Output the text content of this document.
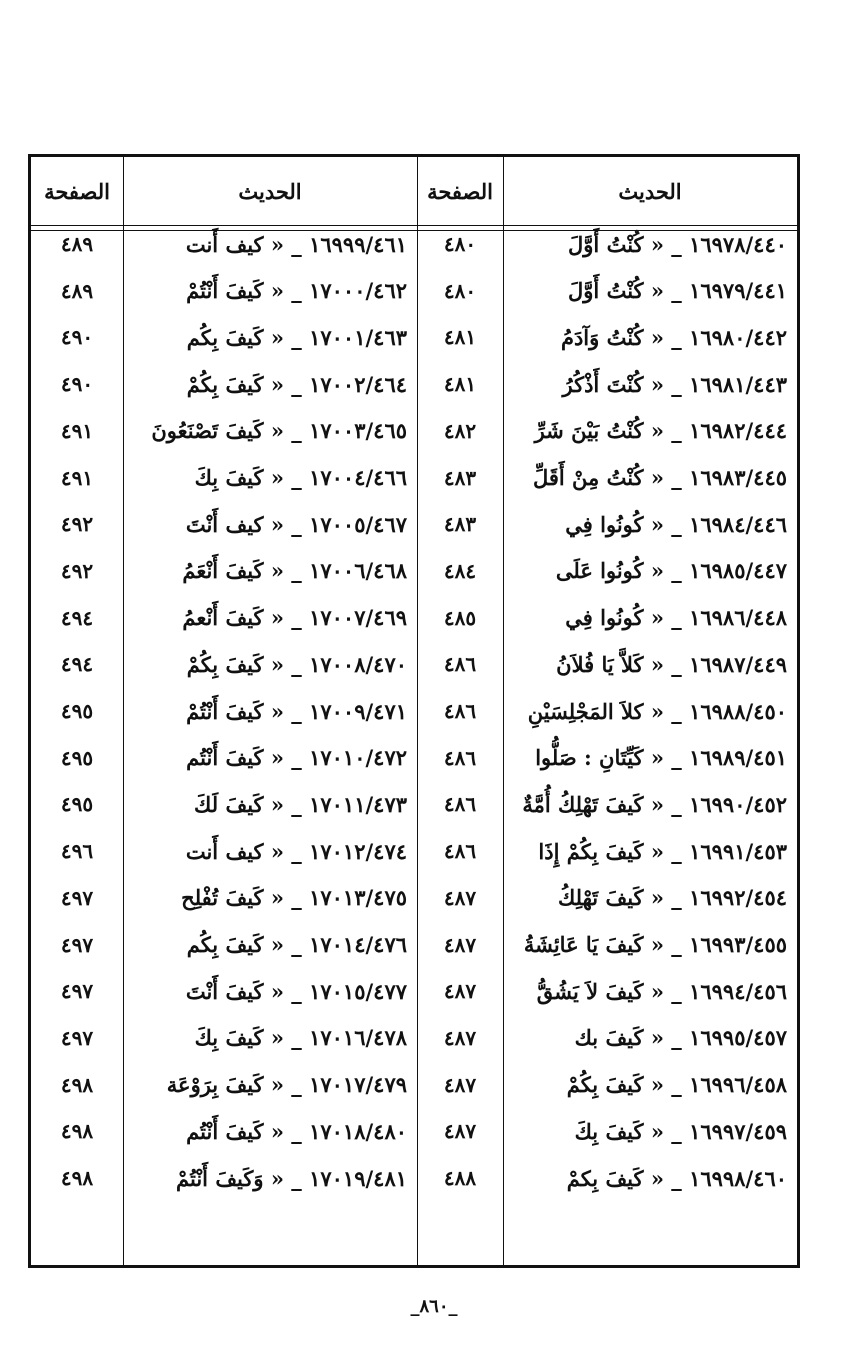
الحديث
الصفحة
الحديث
الصفحة
١٦٩٧٨/٤٤٠ _ « كُنْتُ أَوَّلَ
٤٨٠
١٦٩٩٩/٤٦١ _ « كيف أَنت
٤٨٩
١٦٩٧٩/٤٤١ _ « كُنْتُ أَوَّلَ
٤٨٠
١٧٠٠٠/٤٦٢ _ « كَيفَ أَنْتُمْ
٤٨٩
١٦٩٨٠/٤٤٢ _ « كُنْتُ وَآدَمُ
٤٨١
١٧٠٠١/٤٦٣ _ « كَيفَ بِكُم
٤٩٠
١٦٩٨١/٤٤٣ _ « كُنْتَ أَذْكُرُ
٤٨١
١٧٠٠٢/٤٦٤ _ « كَيفَ بِكُمْ
٤٩٠
١٦٩٨٢/٤٤٤ _ « كُنْتُ بَيْنَ شَرِّ
٤٨٢
١٧٠٠٣/٤٦٥ _ « كَيفَ تَصْنَعُونَ
٤٩١
١٦٩٨٣/٤٤٥ _ « كُنْتُ مِنْ أَقَلِّ
٤٨٣
١٧٠٠٤/٤٦٦ _ « كَيفَ بِكَ
٤٩١
١٦٩٨٤/٤٤٦ _ « كُونُوا فِي
٤٨٣
١٧٠٠٥/٤٦٧ _ « كيف أَنْتَ
٤٩٢
١٦٩٨٥/٤٤٧ _ « كُونُوا عَلَى
٤٨٤
١٧٠٠٦/٤٦٨ _ « كَيفَ أَنْعَمُ
٤٩٢
١٦٩٨٦/٤٤٨ _ « كُونُوا فِي
٤٨٥
١٧٠٠٧/٤٦٩ _ « كَيفَ أَنْعمُ
٤٩٤
١٦٩٨٧/٤٤٩ _ « كَلاَّ يَا فُلاَنُ
٤٨٦
١٧٠٠٨/٤٧٠ _ « كَيفَ بِكُمْ
٤٩٤
١٦٩٨٨/٤٥٠ _ « كلاَ المَجْلِسَيْنِ
٤٨٦
١٧٠٠٩/٤٧١ _ « كَيفَ أَنْتُمْ
٤٩٥
١٦٩٨٩/٤٥١ _ « كَيِّتَانِ : صَلُّوا
٤٨٦
١٧٠١٠/٤٧٢ _ « كَيفَ أَنْتُم
٤٩٥
١٦٩٩٠/٤٥٢ _ « كَيفَ تَهْلِكُ أُمَّةٌ
٤٨٦
١٧٠١١/٤٧٣ _ « كَيفَ لَكَ
٤٩٥
١٦٩٩١/٤٥٣ _ « كَيفَ بِكُمْ إِذَا
٤٨٦
١٧٠١٢/٤٧٤ _ « كيف أَنت
٤٩٦
١٦٩٩٢/٤٥٤ _ « كَيفَ تَهْلِكُ
٤٨٧
١٧٠١٣/٤٧٥ _ « كَيفَ تُفْلِح
٤٩٧
١٦٩٩٣/٤٥٥ _ « كَيفَ يَا عَائِشَةُ
٤٨٧
١٧٠١٤/٤٧٦ _ « كَيفَ بِكُم
٤٩٧
١٦٩٩٤/٤٥٦ _ « كَيفَ لاَ يَشُقُّ
٤٨٧
١٧٠١٥/٤٧٧ _ « كَيفَ أَنْتَ
٤٩٧
١٦٩٩٥/٤٥٧ _ « كَيفَ بك
٤٨٧
١٧٠١٦/٤٧٨ _ « كَيفَ بِكَ
٤٩٧
١٦٩٩٦/٤٥٨ _ « كَيفَ بِكُمْ
٤٨٧
١٧٠١٧/٤٧٩ _ « كَيفَ بِرَوْعَة
٤٩٨
١٦٩٩٧/٤٥٩ _ « كَيفَ بِكَ
٤٨٧
١٧٠١٨/٤٨٠ _ « كَيفَ أَنْتُم
٤٩٨
١٦٩٩٨/٤٦٠ _ « كَيفَ بِكمْ
٤٨٨
١٧٠١٩/٤٨١ _ « وَكَيفَ أَنْتُمْ
٤٩٨
_٨٦٠_
